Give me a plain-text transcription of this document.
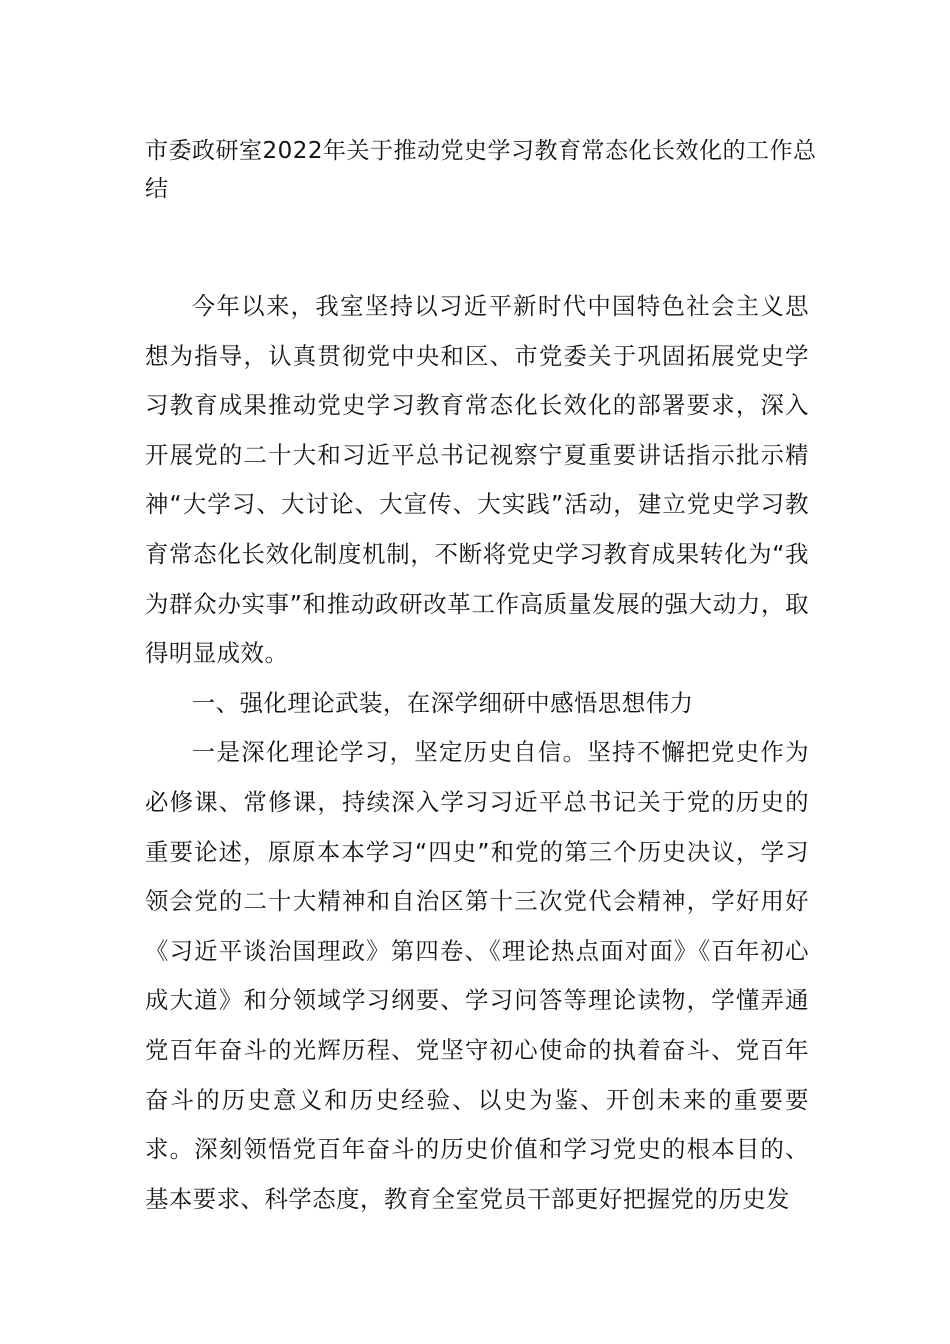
市委政研室2022年关于推动党史学习教育常态化长效化的工作总结

今年以来，我室坚持以习近平新时代中国特色社会主义思想为指导，认真贯彻党中央和区、市党委关于巩固拓展党史学习教育成果推动党史学习教育常态化长效化的部署要求，深入开展党的二十大和习近平总书记视察宁夏重要讲话指示批示精神“大学习、大讨论、大宣传、大实践”活动，建立党史学习教育常态化长效化制度机制，不断将党史学习教育成果转化为“我为群众办实事”和推动政研改革工作高质量发展的强大动力，取得明显成效。

一、强化理论武装，在深学细研中感悟思想伟力

一是深化理论学习，坚定历史自信。坚持不懈把党史作为必修课、常修课，持续深入学习习近平总书记关于党的历史的重要论述，原原本本学习“四史”和党的第三个历史决议，学习领会党的二十大精神和自治区第十三次党代会精神，学好用好《习近平谈治国理政》第四卷、《理论热点面对面》《百年初心成大道》和分领域学习纲要、学习问答等理论读物，学懂弄通党百年奋斗的光辉历程、党坚守初心使命的执着奋斗、党百年奋斗的历史意义和历史经验、以史为鉴、开创未来的重要要求。深刻领悟党百年奋斗的历史价值和学习党史的根本目的、基本要求、科学态度，教育全室党员干部更好把握党的历史发
